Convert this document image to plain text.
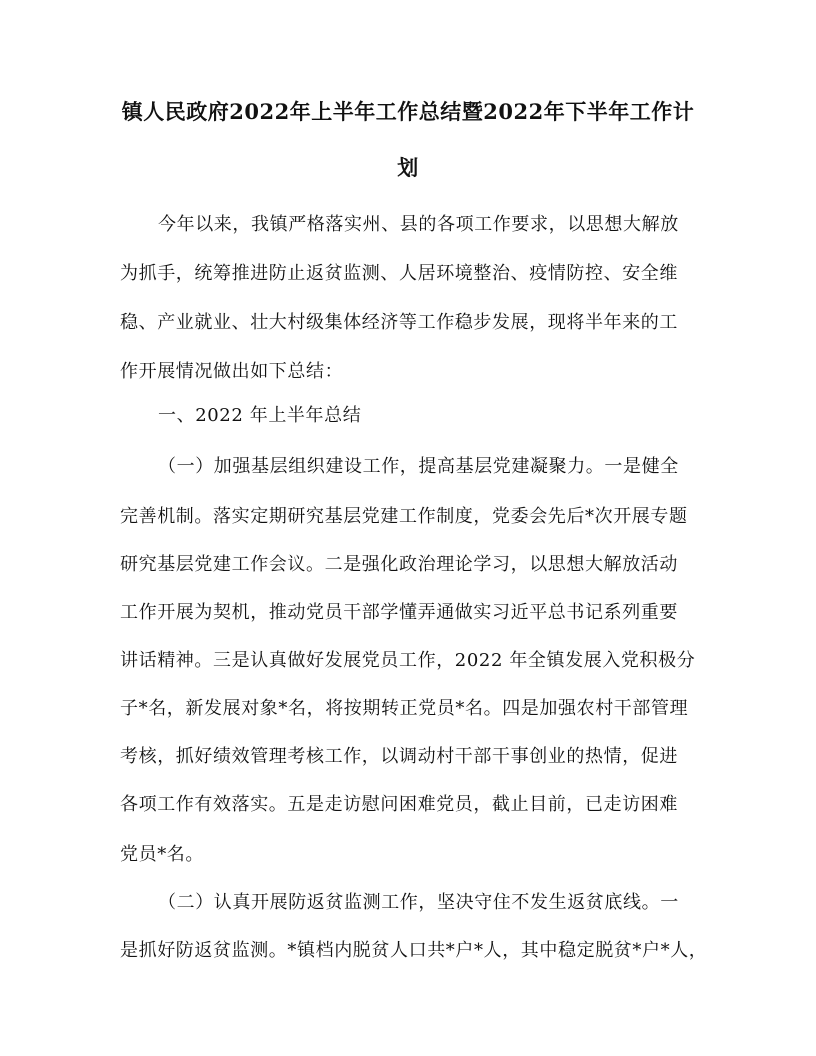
镇人民政府2022年上半年工作总结暨2022年下半年工作计
划
今年以来，我镇严格落实州、县的各项工作要求，以思想大解放
为抓手，统筹推进防止返贫监测、人居环境整治、疫情防控、安全维
稳、产业就业、壮大村级集体经济等工作稳步发展，现将半年来的工
作开展情况做出如下总结：
一、2022 年上半年总结
（一）加强基层组织建设工作，提高基层党建凝聚力。一是健全
完善机制。落实定期研究基层党建工作制度，党委会先后*次开展专题
研究基层党建工作会议。二是强化政治理论学习，以思想大解放活动
工作开展为契机，推动党员干部学懂弄通做实习近平总书记系列重要
讲话精神。三是认真做好发展党员工作，2022 年全镇发展入党积极分
子*名，新发展对象*名，将按期转正党员*名。四是加强农村干部管理
考核，抓好绩效管理考核工作，以调动村干部干事创业的热情，促进
各项工作有效落实。五是走访慰问困难党员，截止目前，已走访困难
党员*名。
（二）认真开展防返贫监测工作，坚决守住不发生返贫底线。一
是抓好防返贫监测。*镇档内脱贫人口共*户*人，其中稳定脱贫*户*人，
